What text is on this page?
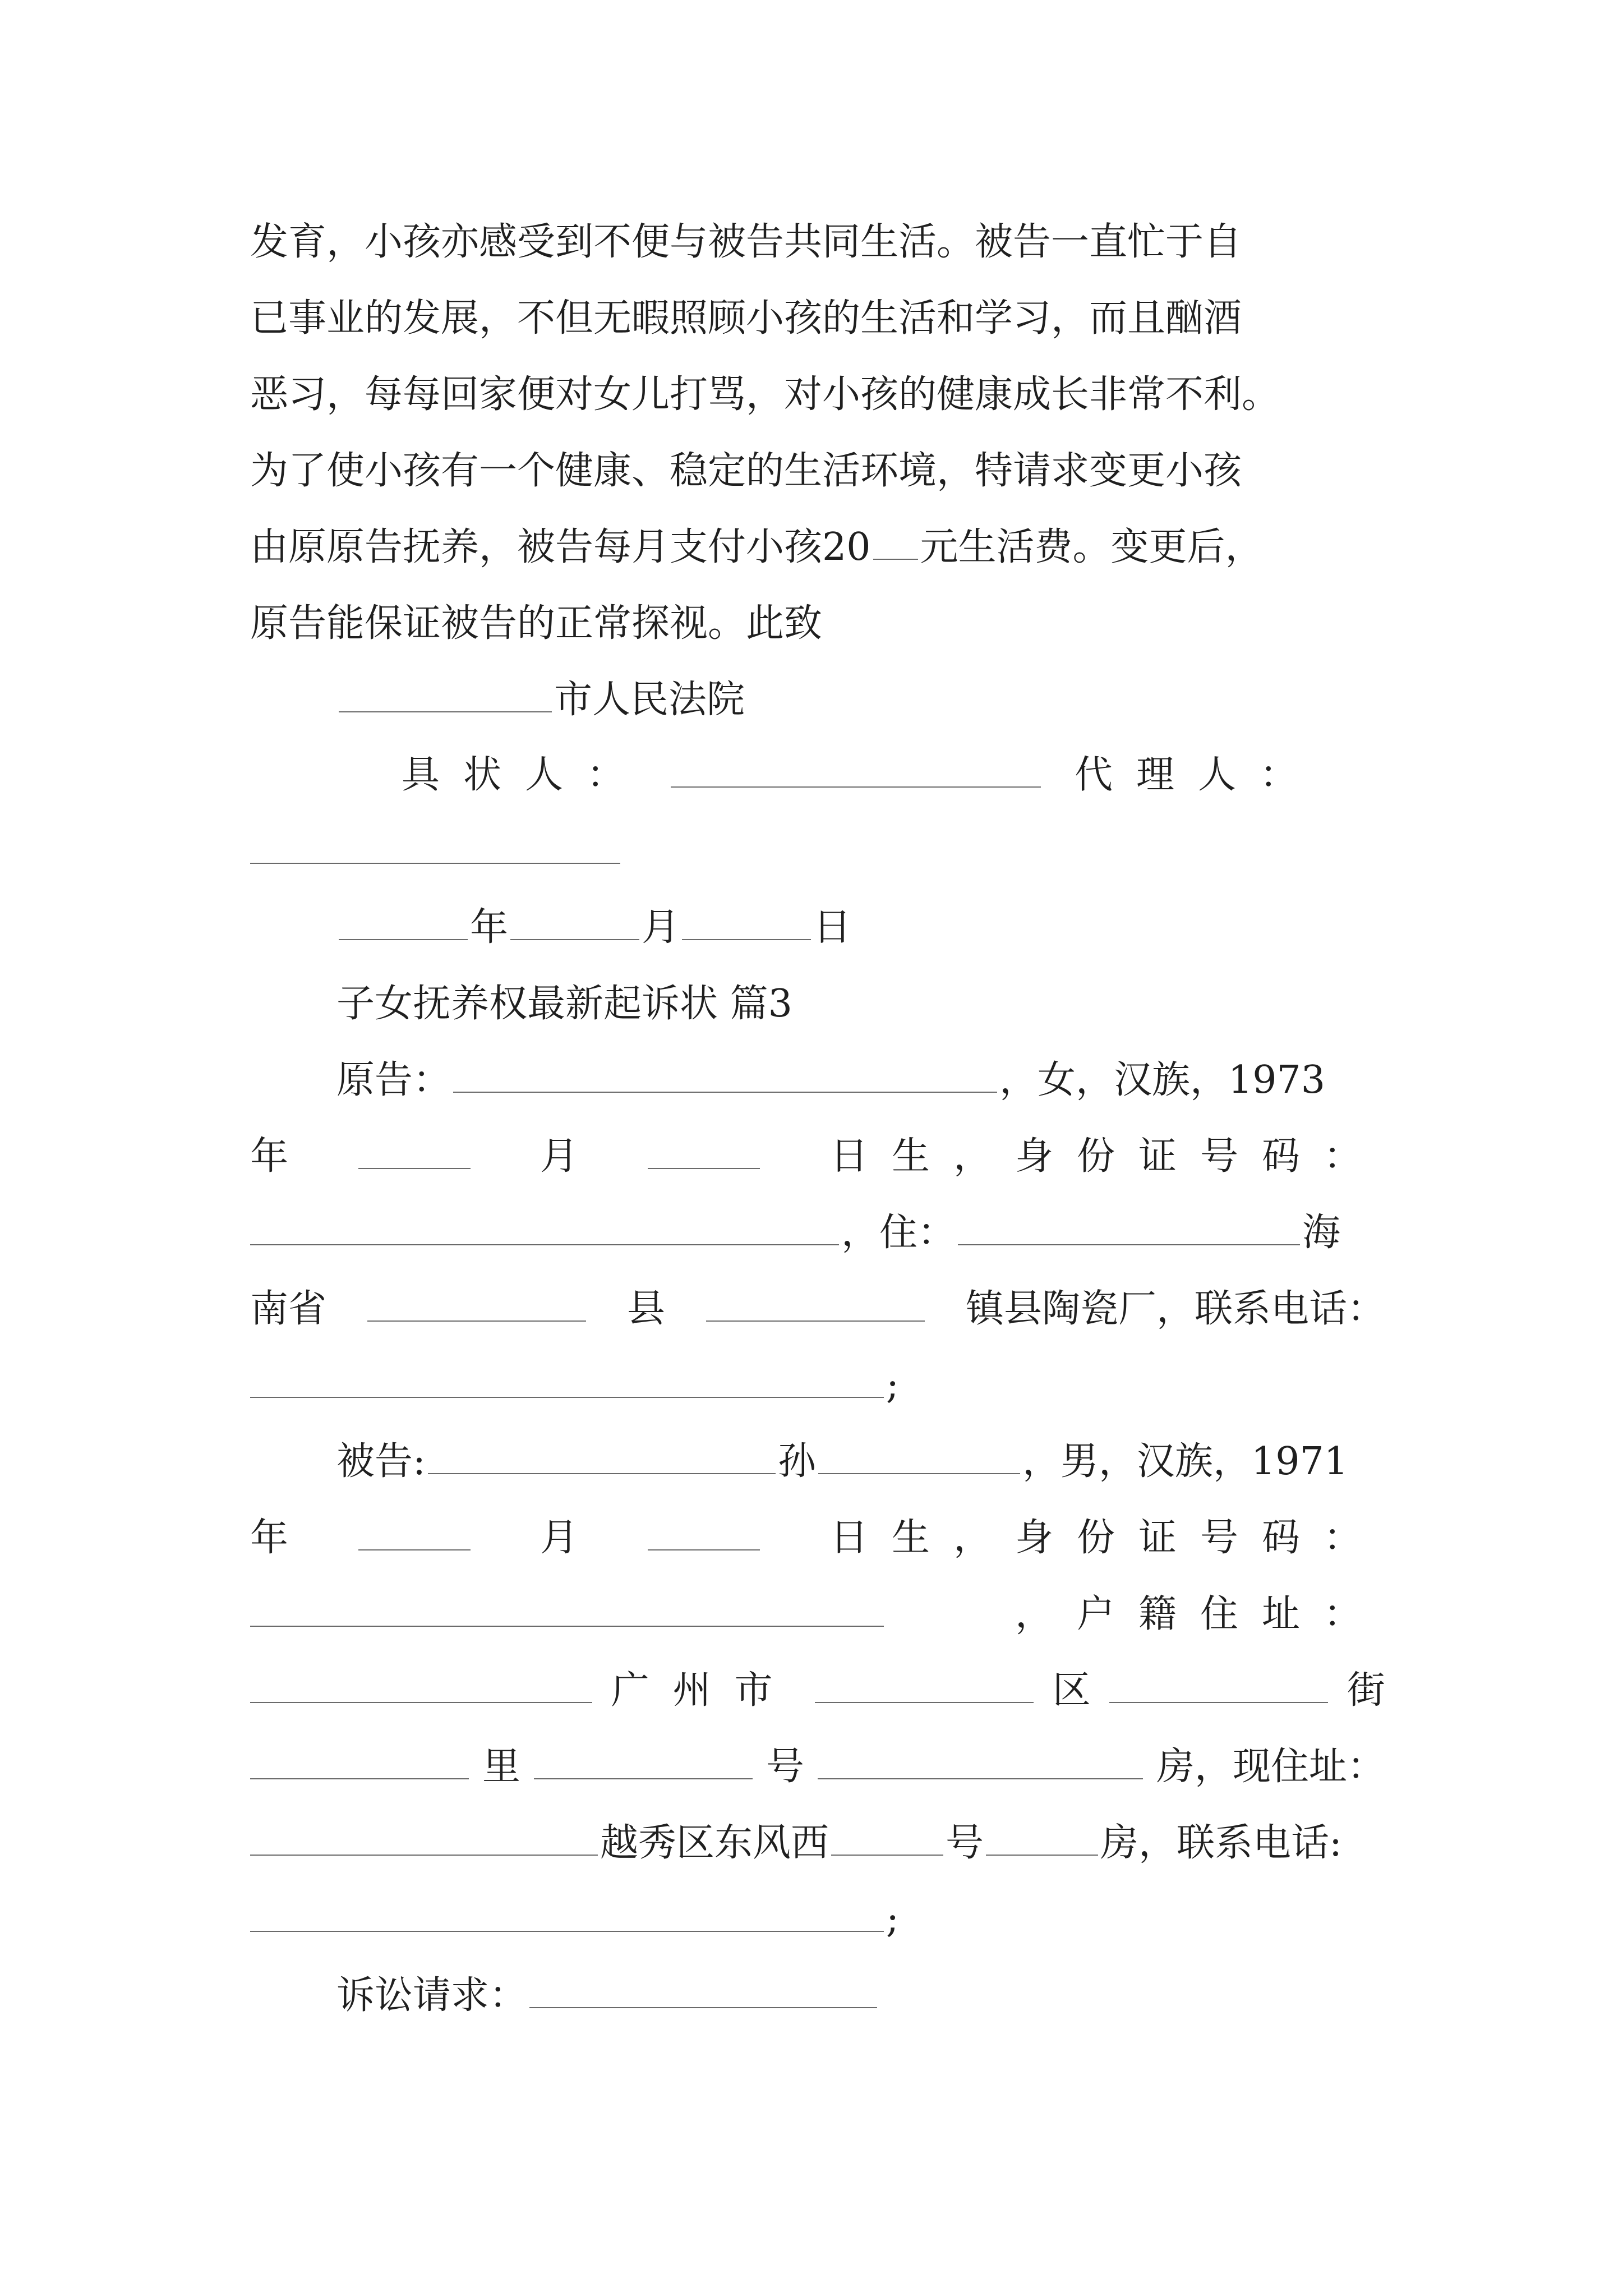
发育，小孩亦感受到不便与被告共同生活。被告一直忙于自
已事业的发展，不但无暇照顾小孩的生活和学习，而且酗酒
恶习，每每回家便对女儿打骂，对小孩的健康成长非常不利。
为了使小孩有一个健康、稳定的生活环境，特请求变更小孩
由原原告抚养，被告每月支付小孩20 元生活费。变更后，
原告能保证被告的正常探视。此致
市人民法院
具状人：	代理人：
年	月	日
子女抚养权最新起诉状 篇3
原告：	，女，汉族，1973
年	月	日生，身份证号码：
，住：	海
南省	县	镇县陶瓷厂，联系电话：
;
被告:	孙	，男，汉族，1971
年	月	日生，身份证号码：
，户籍住址：
广州市	区	街
里	号	房，现住址：
越秀区东风西	号	房，联系电话:
;
诉讼请求：
